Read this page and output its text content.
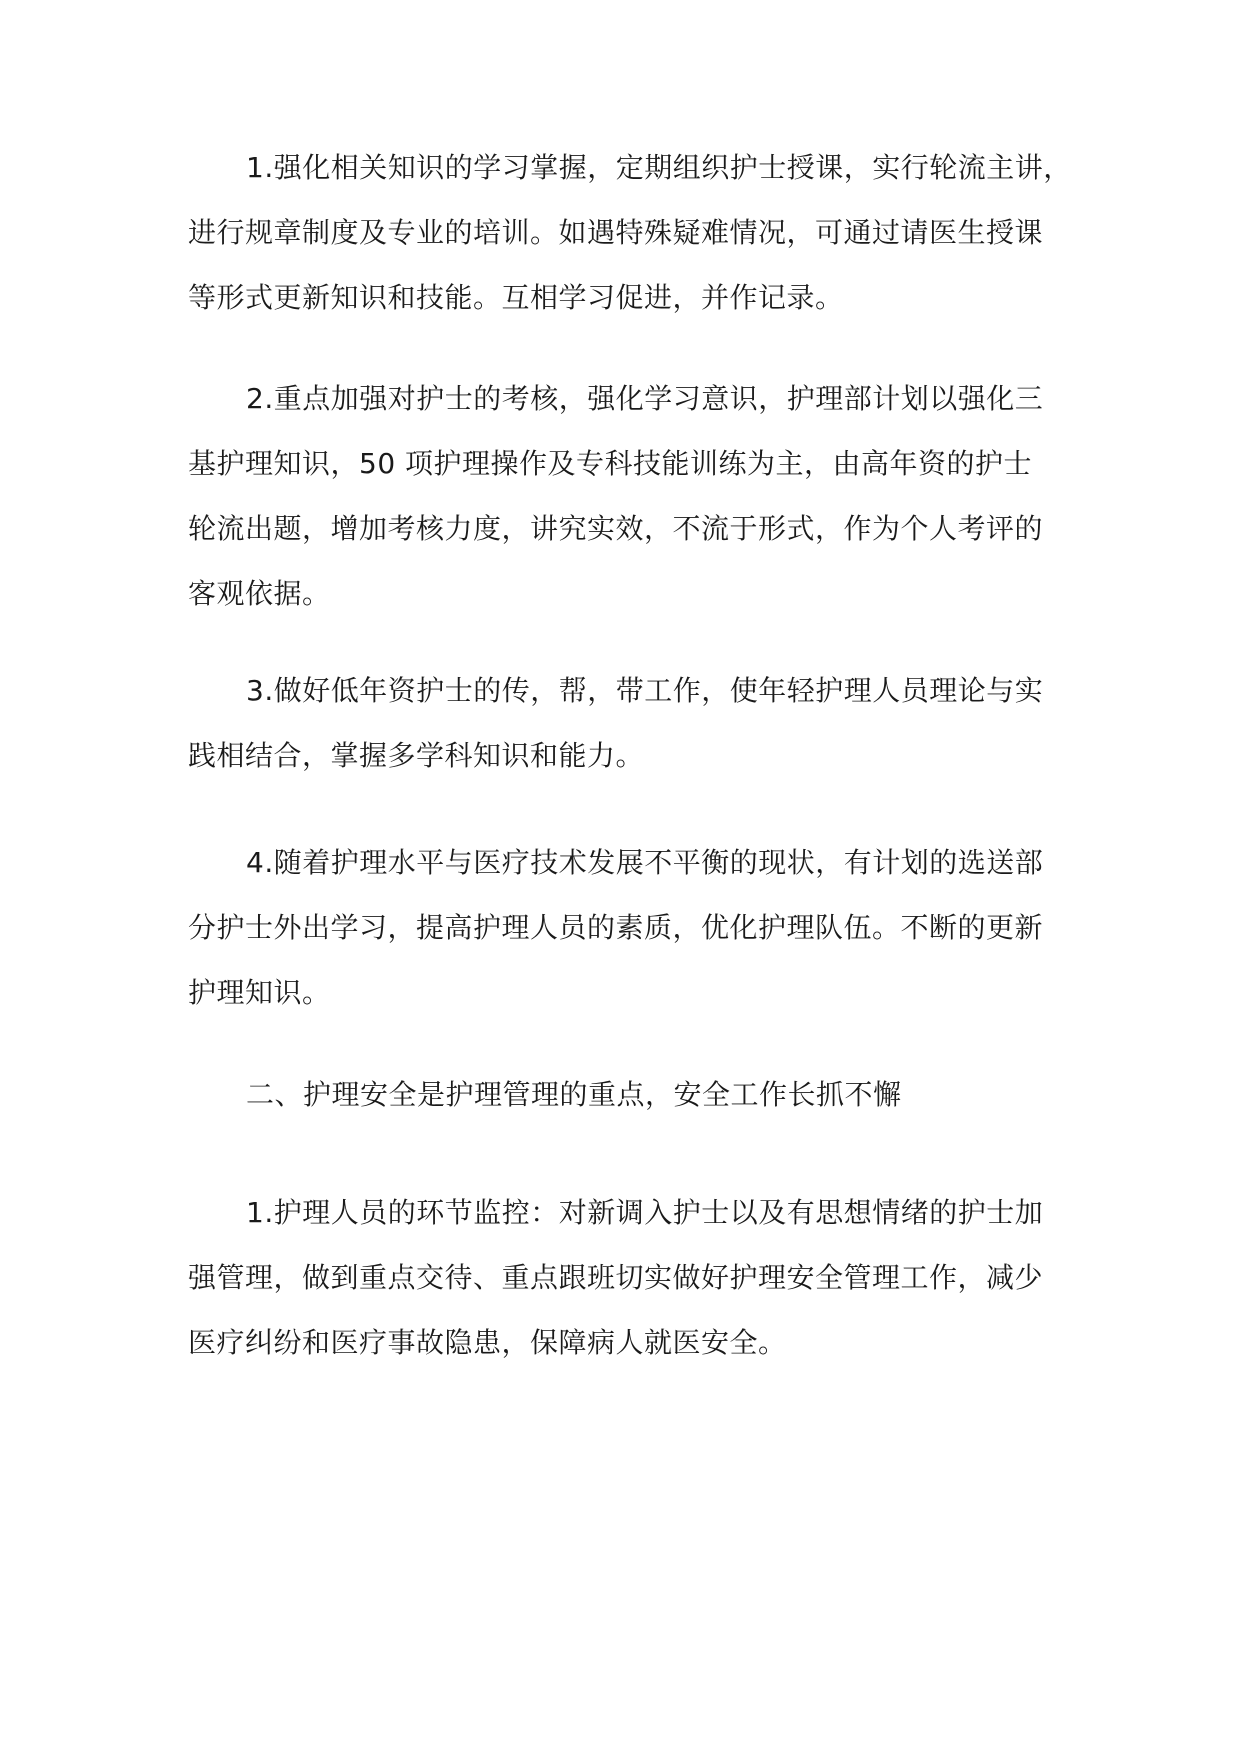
1.强化相关知识的学习掌握，定期组织护士授课，实行轮流主讲，
进行规章制度及专业的培训。如遇特殊疑难情况，可通过请医生授课
等形式更新知识和技能。互相学习促进，并作记录。

2.重点加强对护士的考核，强化学习意识，护理部计划以强化三
基护理知识，50 项护理操作及专科技能训练为主，由高年资的护士
轮流出题，增加考核力度，讲究实效，不流于形式，作为个人考评的
客观依据。

3.做好低年资护士的传，帮，带工作，使年轻护理人员理论与实
践相结合，掌握多学科知识和能力。

4.随着护理水平与医疗技术发展不平衡的现状，有计划的选送部
分护士外出学习，提高护理人员的素质，优化护理队伍。不断的更新
护理知识。

二、护理安全是护理管理的重点，安全工作长抓不懈

1.护理人员的环节监控：对新调入护士以及有思想情绪的护士加
强管理，做到重点交待、重点跟班切实做好护理安全管理工作，减少
医疗纠纷和医疗事故隐患，保障病人就医安全。
